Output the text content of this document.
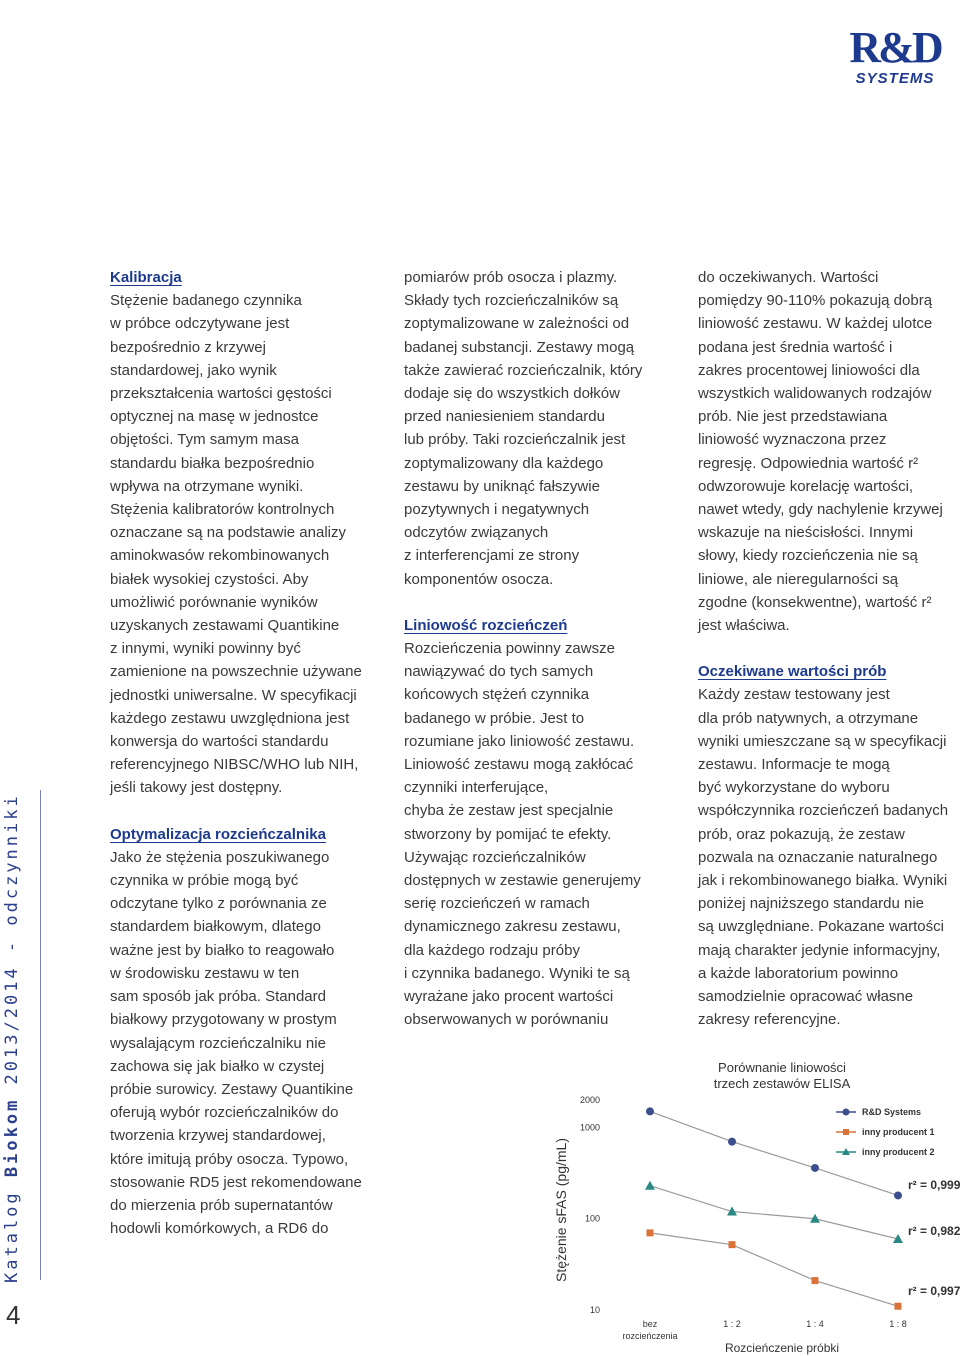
R&D
SYSTEMS
Katalog Biokom 2013/2014 - odczynniki
4
Kalibracja

Stężenie badanego czynnika
w próbce odczytywane jest
bezpośrednio z krzywej
standardowej, jako wynik
przekształcenia wartości gęstości
optycznej na masę w jednostce
objętości. Tym samym masa
standardu białka bezpośrednio
wpływa na otrzymane wyniki.
Stężenia kalibratorów kontrolnych
oznaczane są na podstawie analizy
aminokwasów rekombinowanych
białek wysokiej czystości. Aby
umożliwić porównanie wyników
uzyskanych zestawami Quantikine
z innymi, wyniki powinny być
zamienione na powszechnie używane
jednostki uniwersalne. W specyfikacji
każdego zestawu uwzględniona jest
konwersja do wartości standardu
referencyjnego NIBSC/WHO lub NIH,
jeśli takowy jest dostępny.

Optymalizacja rozcieńczalnika

Jako że stężenia poszukiwanego
czynnika w próbie mogą być
odczytane tylko z porównania ze
standardem białkowym, dlatego
ważne jest by białko to reagowało
w środowisku zestawu w ten
sam sposób jak próba. Standard
białkowy przygotowany w prostym
wysalającym rozcieńczalniku nie
zachowa się jak białko w czystej
próbie surowicy. Zestawy Quantikine
oferują wybór rozcieńczalników do
tworzenia krzywej standardowej,
które imitują próby osocza. Typowo,
stosowanie RD5 jest rekomendowane
do mierzenia prób supernatantów
hodowli komórkowych, a RD6 do

pomiarów prób osocza i plazmy.
Składy tych rozcieńczalników są
zoptymalizowane w zależności od
badanej substancji. Zestawy mogą
także zawierać rozcieńczalnik, który
dodaje się do wszystkich dołków
przed naniesieniem standardu
lub próby. Taki rozcieńczalnik jest
zoptymalizowany dla każdego
zestawu by uniknąć fałszywie
pozytywnych i negatywnych
odczytów związanych
z interferencjami ze strony
komponentów osocza.

Liniowość rozcieńczeń

Rozcieńczenia powinny zawsze
nawiązywać do tych samych
końcowych stężeń czynnika
badanego w próbie. Jest to
rozumiane jako liniowość zestawu.
Liniowość zestawu mogą zakłócać
czynniki interferujące,
chyba że zestaw jest specjalnie
stworzony by pomijać te efekty.
Używając rozcieńczalników
dostępnych w zestawie generujemy
serię rozcieńczeń w ramach
dynamicznego zakresu zestawu,
dla każdego rodzaju próby
i czynnika badanego. Wyniki te są
wyrażane jako procent wartości
obserwowanych w porównaniu

do oczekiwanych. Wartości
pomiędzy 90-110% pokazują dobrą
liniowość zestawu. W każdej ulotce
podana jest średnia wartość i
zakres procentowej liniowości dla
wszystkich walidowanych rodzajów
prób. Nie jest przedstawiana
liniowość wyznaczona przez
regresję. Odpowiednia wartość r²
odwzorowuje korelację wartości,
nawet wtedy, gdy nachylenie krzywej
wskazuje na nieścisłości. Innymi
słowy, kiedy rozcieńczenia nie są
liniowe, ale nieregularności są
zgodne (konsekwentne), wartość r²
jest właściwa.

Oczekiwane wartości prób

Każdy zestaw testowany jest
dla prób natywnych, a otrzymane
wyniki umieszczane są w specyfikacji
zestawu. Informacje te mogą
być wykorzystane do wyboru
współczynnika rozcieńczeń badanych
prób, oraz pokazują, że zestaw
pozwala na oznaczanie naturalnego
jak i rekombinowanego białka. Wyniki
poniżej najniższego standardu nie
są uwzględniane. Pokazane wartości
mają charakter jedynie informacyjny,
a każde laboratorium powinno
samodzielnie opracować własne
zakresy referencyjne.

Porównanie liniowości
trzech zestawów ELISA
Stężenie sFAS (pg/mL)
10
100
1000
2000
bez
rozcieńczenia
1 : 2	1 : 4	1 : 8
Rozcieńczenie próbki
R&D Systems
inny producent 1
inny producent 2
r² = 0,999
r² = 0,982
r² = 0,997
